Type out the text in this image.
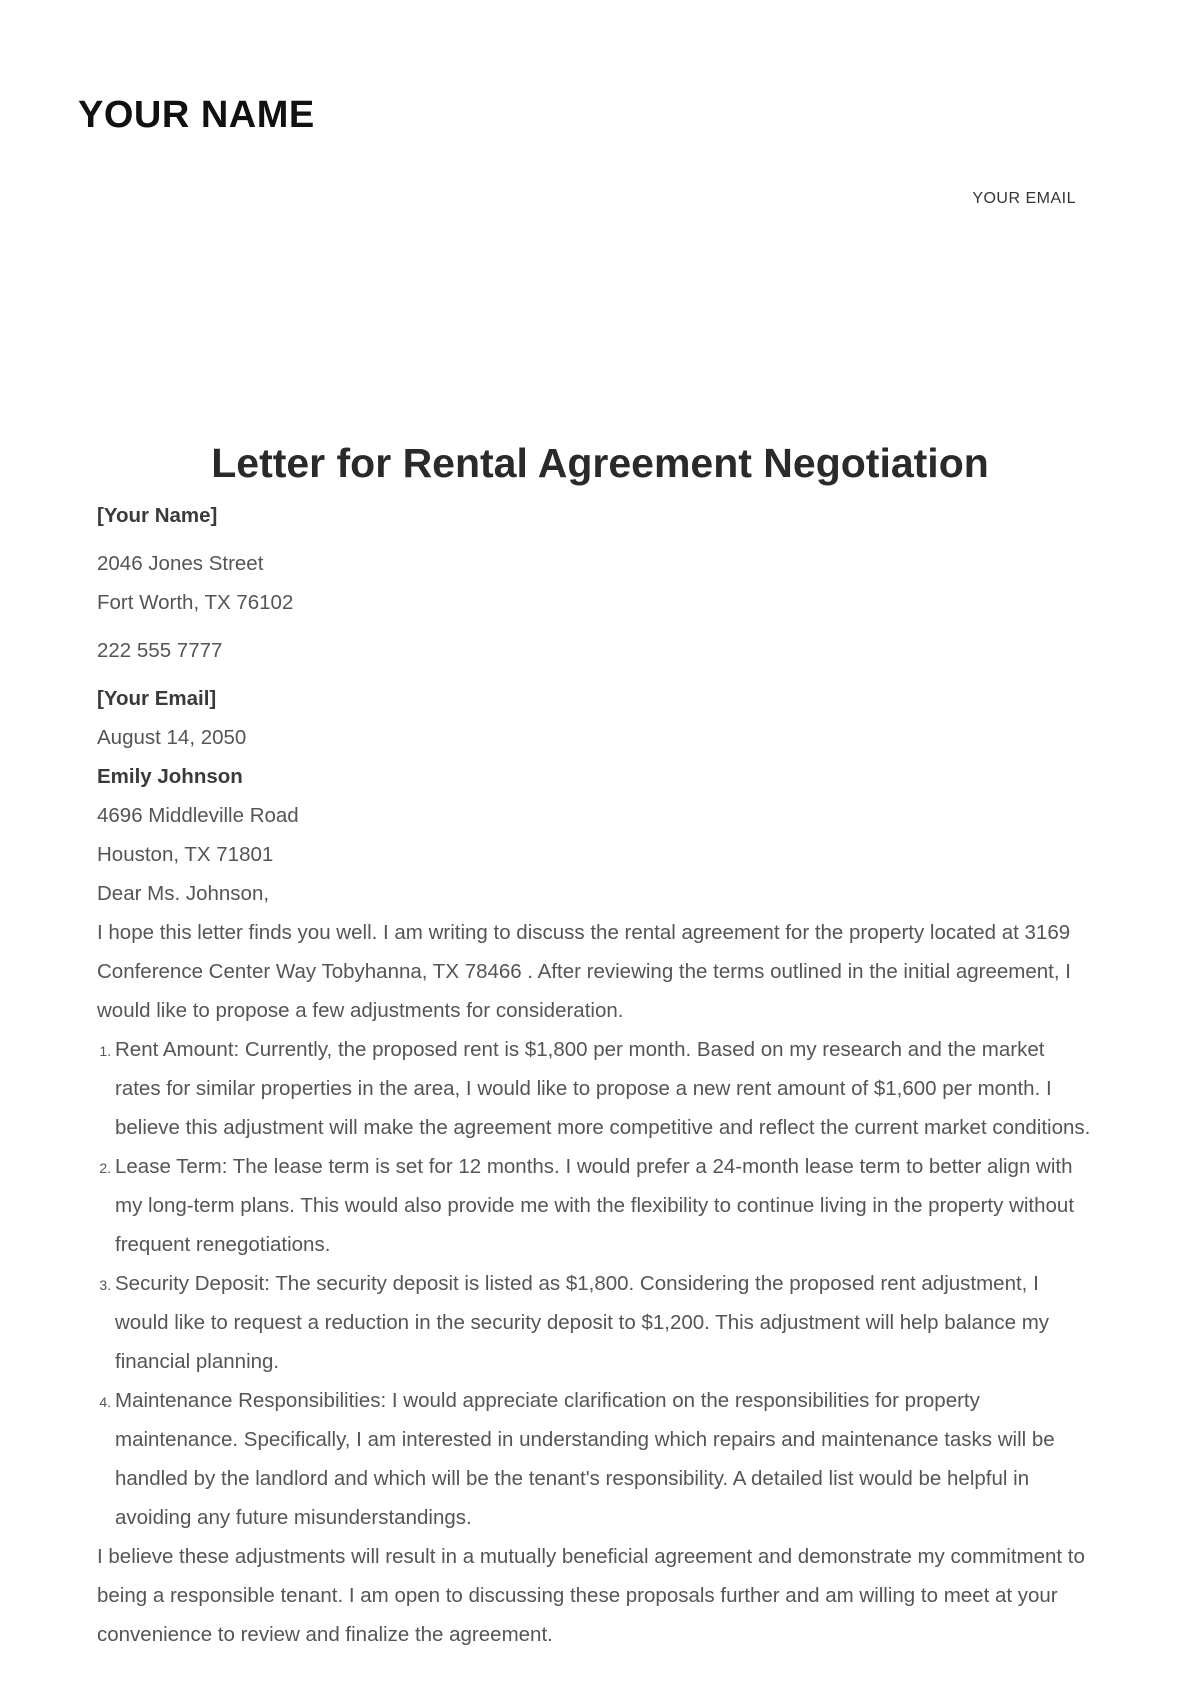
YOUR NAME
YOUR EMAIL
Letter for Rental Agreement Negotiation
[Your Name]
2046 Jones Street
Fort Worth, TX 76102
222 555 7777
[Your Email]
August 14, 2050
Emily Johnson
4696 Middleville Road
Houston, TX 71801
Dear Ms. Johnson,
I hope this letter finds you well. I am writing to discuss the rental agreement for the property located at 3169 Conference Center Way Tobyhanna, TX 78466 . After reviewing the terms outlined in the initial agreement, I would like to propose a few adjustments for consideration.
1. Rent Amount: Currently, the proposed rent is $1,800 per month. Based on my research and the market rates for similar properties in the area, I would like to propose a new rent amount of $1,600 per month. I believe this adjustment will make the agreement more competitive and reflect the current market conditions.
2. Lease Term: The lease term is set for 12 months. I would prefer a 24-month lease term to better align with my long-term plans. This would also provide me with the flexibility to continue living in the property without frequent renegotiations.
3. Security Deposit: The security deposit is listed as $1,800. Considering the proposed rent adjustment, I would like to request a reduction in the security deposit to $1,200. This adjustment will help balance my financial planning.
4. Maintenance Responsibilities: I would appreciate clarification on the responsibilities for property maintenance. Specifically, I am interested in understanding which repairs and maintenance tasks will be handled by the landlord and which will be the tenant's responsibility. A detailed list would be helpful in avoiding any future misunderstandings.
I believe these adjustments will result in a mutually beneficial agreement and demonstrate my commitment to being a responsible tenant. I am open to discussing these proposals further and am willing to meet at your convenience to review and finalize the agreement.
